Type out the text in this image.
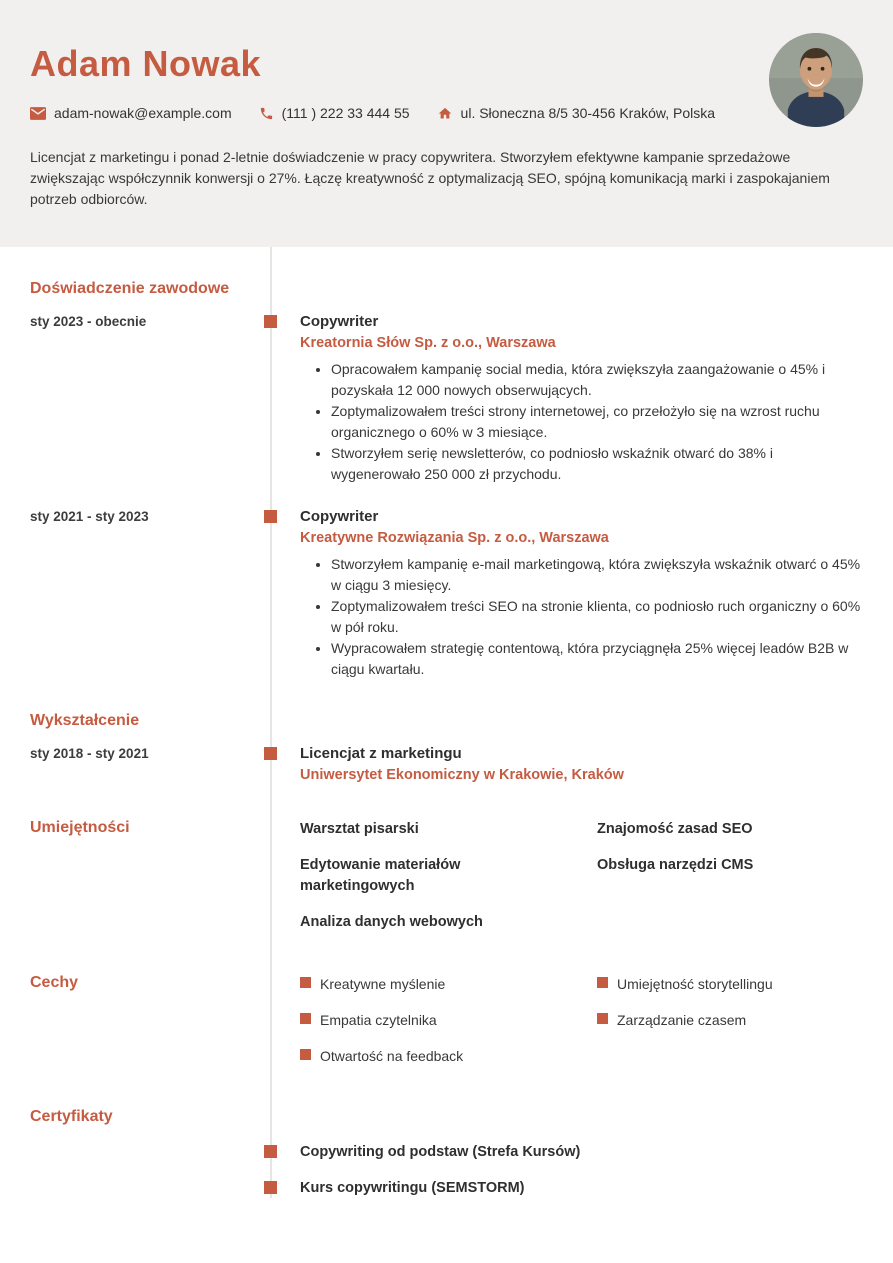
Adam Nowak
adam-nowak@example.com	(111 ) 222 33 444 55	ul. Słoneczna 8/5 30-456 Kraków, Polska

Licencjat z marketingu i ponad 2-letnie doświadczenie w pracy copywritera. Stworzyłem efektywne kampanie sprzedażowe zwiększając współczynnik konwersji o 27%. Łączę kreatywność z optymalizacją SEO, spójną komunikacją marki i zaspokajaniem potrzeb odbiorców.

Doświadczenie zawodowe
sty 2023 - obecnie	Copywriter
Kreatornia Słów Sp. z o.o., Warszawa
• Opracowałem kampanię social media, która zwiększyła zaangażowanie o 45% i pozyskała 12 000 nowych obserwujących.
• Zoptymalizowałem treści strony internetowej, co przełożyło się na wzrost ruchu organicznego o 60% w 3 miesiące.
• Stworzyłem serię newsletterów, co podniosło wskaźnik otwarć do 38% i wygenerowało 250 000 zł przychodu.
sty 2021 - sty 2023	Copywriter
Kreatywne Rozwiązania Sp. z o.o., Warszawa
• Stworzyłem kampanię e-mail marketingową, która zwiększyła wskaźnik otwarć o 45% w ciągu 3 miesięcy.
• Zoptymalizowałem treści SEO na stronie klienta, co podniosło ruch organiczny o 60% w pół roku.
• Wypracowałem strategię contentową, która przyciągnęła 25% więcej leadów B2B w ciągu kwartału.
Wykształcenie
sty 2018 - sty 2021	Licencjat z marketingu
Uniwersytet Ekonomiczny w Krakowie, Kraków
Umiejętności	Warsztat pisarski
Edytowanie materiałów marketingowych
Analiza danych webowych
Znajomość zasad SEO
Obsługa narzędzi CMS
Cechy	Kreatywne myślenie
Empatia czytelnika
Otwartość na feedback
Umiejętność storytellingu
Zarządzanie czasem
Certyfikaty
Copywriting od podstaw (Strefa Kursów)
Kurs copywritingu (SEMSTORM)
